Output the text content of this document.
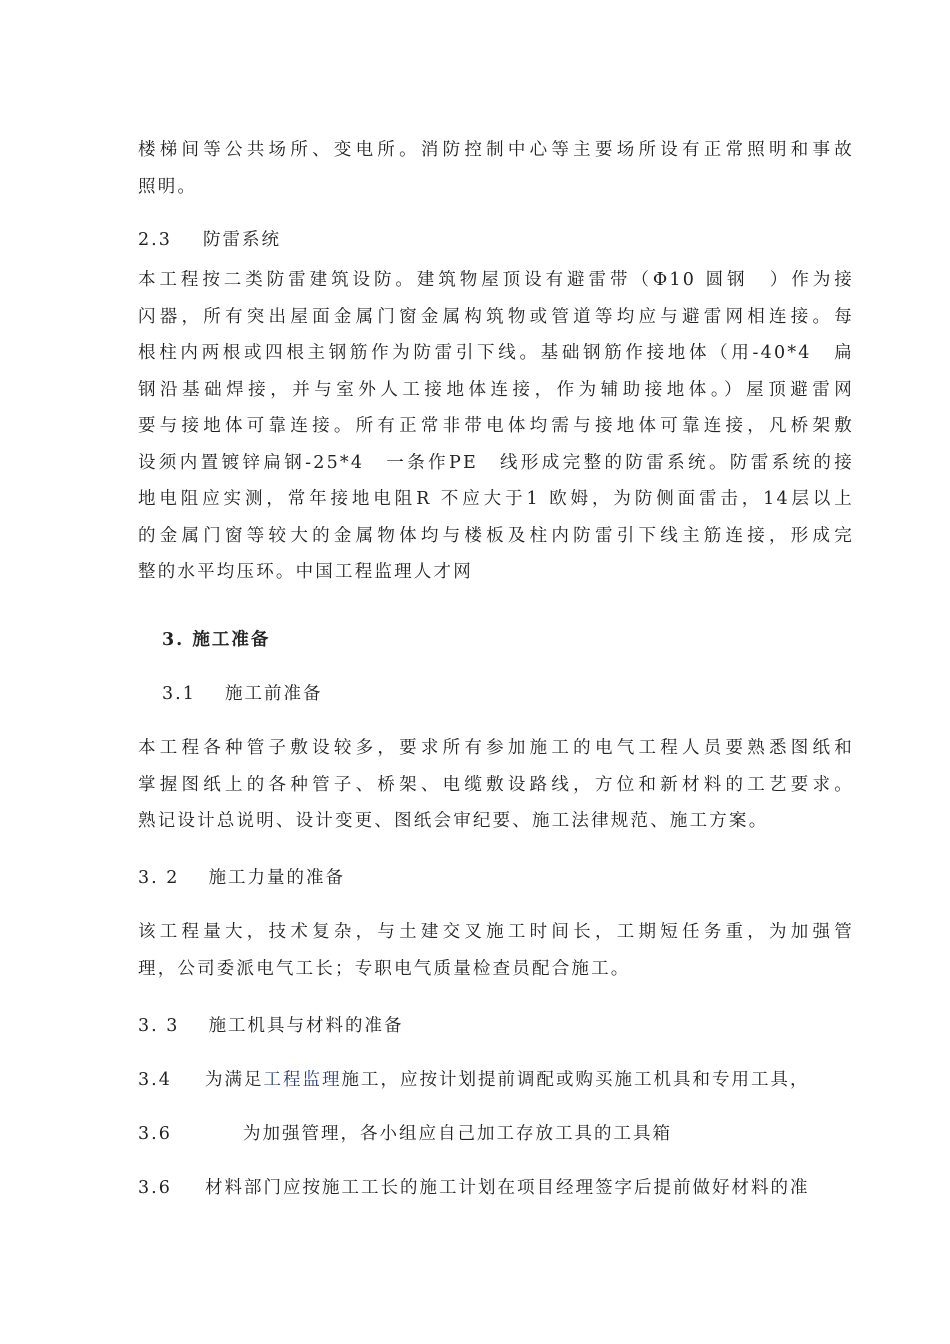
楼梯间等公共场所、变电所。消防控制中心等主要场所设有正常照明和事故
照明。
2.3 防雷系统
本工程按二类防雷建筑设防。建筑物屋顶设有避雷带（Φ10 圆钢　）作为接
闪器，所有突出屋面金属门窗金属构筑物或管道等均应与避雷网相连接。每
根柱内两根或四根主钢筋作为防雷引下线。基础钢筋作接地体（用-40*4　扁
钢沿基础焊接，并与室外人工接地体连接，作为辅助接地体。）屋顶避雷网
要与接地体可靠连接。所有正常非带电体均需与接地体可靠连接，凡桥架敷
设须内置镀锌扁钢-25*4　一条作PE　线形成完整的防雷系统。防雷系统的接
地电阻应实测，常年接地电阻R 不应大于1 欧姆，为防侧面雷击，14层以上
的金属门窗等较大的金属物体均与楼板及柱内防雷引下线主筋连接，形成完
整的水平均压环。中国工程监理人才网
3. 施工准备
3.1 施工前准备
本工程各种管子敷设较多，要求所有参加施工的电气工程人员要熟悉图纸和
掌握图纸上的各种管子、桥架、电缆敷设路线，方位和新材料的工艺要求。
熟记设计总说明、设计变更、图纸会审纪要、施工法律规范、施工方案。
3. 2 施工力量的准备
该工程量大，技术复杂，与土建交叉施工时间长，工期短任务重，为加强管
理，公司委派电气工长；专职电气质量检查员配合施工。
3. 3 施工机具与材料的准备
3.4 为满足工程监理施工，应按计划提前调配或购买施工机具和专用工具，
3.6	为加强管理，各小组应自己加工存放工具的工具箱
3.6 材料部门应按施工工长的施工计划在项目经理签字后提前做好材料的准
